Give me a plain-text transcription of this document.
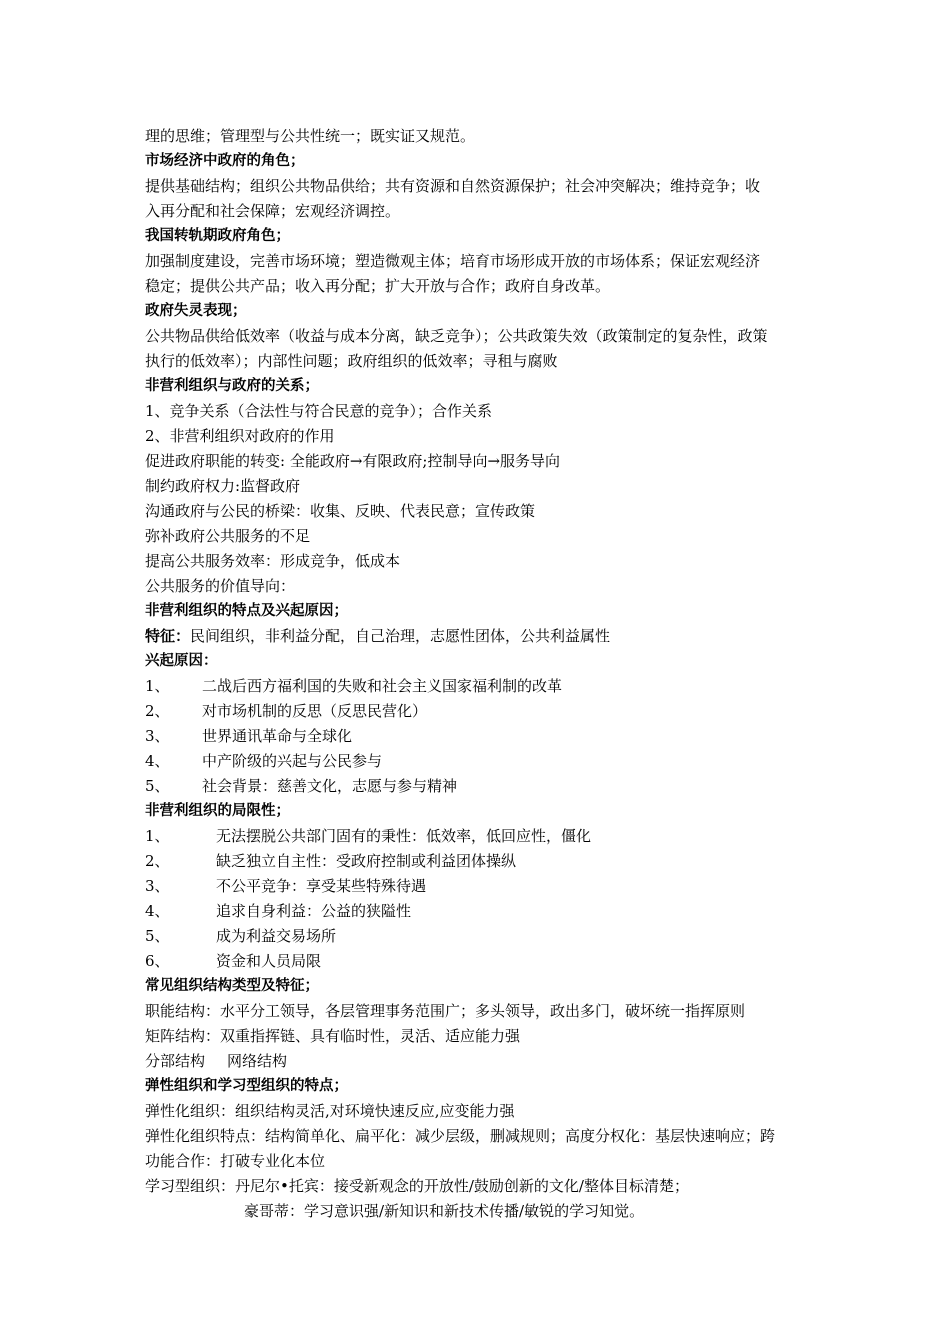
理的思维；管理型与公共性统一；既实证又规范。
市场经济中政府的角色；
提供基础结构；组织公共物品供给；共有资源和自然资源保护；社会冲突解决；维持竞争；收
入再分配和社会保障；宏观经济调控。
我国转轨期政府角色；
加强制度建设，完善市场环境；塑造微观主体；培育市场形成开放的市场体系；保证宏观经济
稳定；提供公共产品；收入再分配；扩大开放与合作；政府自身改革。
政府失灵表现；
公共物品供给低效率（收益与成本分离，缺乏竞争）；公共政策失效（政策制定的复杂性，政策
执行的低效率）；内部性问题；政府组织的低效率；寻租与腐败
非营利组织与政府的关系；
1、竞争关系（合法性与符合民意的竞争）；合作关系
2、非营利组织对政府的作用
促进政府职能的转变: 全能政府→有限政府;控制导向→服务导向
制约政府权力:监督政府
沟通政府与公民的桥梁：收集、反映、代表民意；宣传政策
弥补政府公共服务的不足
提高公共服务效率：形成竞争，低成本
公共服务的价值导向：
非营利组织的特点及兴起原因；
特征：民间组织，非利益分配，自己治理，志愿性团体，公共利益属性
兴起原因：
1、 二战后西方福利国的失败和社会主义国家福利制的改革
2、 对市场机制的反思（反思民营化）
3、 世界通讯革命与全球化
4、 中产阶级的兴起与公民参与
5、 社会背景：慈善文化，志愿与参与精神
非营利组织的局限性；
1、	无法摆脱公共部门固有的秉性：低效率，低回应性，僵化
2、	缺乏独立自主性：受政府控制或利益团体操纵
3、	不公平竞争：享受某些特殊待遇
4、	追求自身利益：公益的狭隘性
5、	成为利益交易场所
6、	资金和人员局限
常见组织结构类型及特征；
职能结构：水平分工领导，各层管理事务范围广；多头领导，政出多门，破坏统一指挥原则
矩阵结构：双重指挥链、具有临时性，灵活、适应能力强
分部结构 网络结构
弹性组织和学习型组织的特点；
弹性化组织：组织结构灵活,对环境快速反应,应变能力强
弹性化组织特点：结构简单化、扁平化：减少层级，删减规则；高度分权化：基层快速响应；跨
功能合作：打破专业化本位
学习型组织：丹尼尔•托宾：接受新观念的开放性/鼓励创新的文化/整体目标清楚；
豪哥蒂：学习意识强/新知识和新技术传播/敏锐的学习知觉。
